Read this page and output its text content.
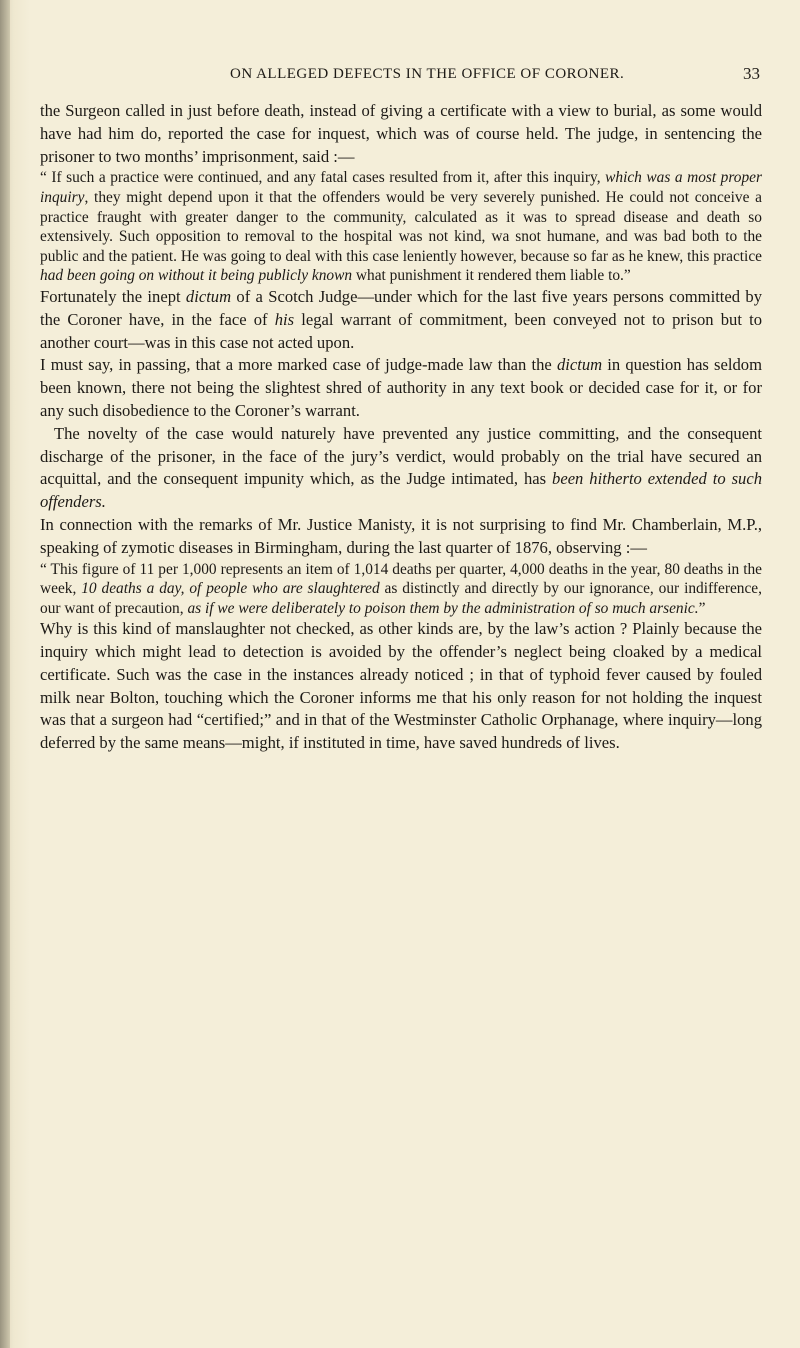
ON ALLEGED DEFECTS IN THE OFFICE OF CORONER.	33

the Surgeon called in just before death, instead of giving a certificate with a view to burial, as some would have had him do, reported the case for inquest, which was of course held. The judge, in sentencing the prisoner to two months’ imprisonment, said :—

“ If such a practice were continued, and any fatal cases resulted from it, after this inquiry, which was a most proper inquiry, they might depend upon it that the offenders would be very severely punished. He could not conceive a practice fraught with greater danger to the community, calculated as it was to spread disease and death so extensively. Such opposition to removal to the hospital was not kind, wa snot humane, and was bad both to the public and the patient. He was going to deal with this case leniently however, because so far as he knew, this practice had been going on without it being publicly known what punishment it rendered them liable to.”

Fortunately the inept dictum of a Scotch Judge—under which for the last five years persons committed by the Coroner have, in the face of his legal warrant of commitment, been conveyed not to prison but to another court—was in this case not acted upon.

I must say, in passing, that a more marked case of judge-made law than the dictum in question has seldom been known, there not being the slightest shred of authority in any text book or decided case for it, or for any such disobedience to the Coroner’s warrant.

The novelty of the case would naturely have prevented any justice committing, and the consequent discharge of the prisoner, in the face of the jury’s verdict, would probably on the trial have secured an acquittal, and the consequent impunity which, as the Judge intimated, has been hitherto extended to such offenders.

In connection with the remarks of Mr. Justice Manisty, it is not surprising to find Mr. Chamberlain, M.P., speaking of zymotic diseases in Birmingham, during the last quarter of 1876, observing :—

“ This figure of 11 per 1,000 represents an item of 1,014 deaths per quarter, 4,000 deaths in the year, 80 deaths in the week, 10 deaths a day, of people who are slaughtered as distinctly and directly by our ignorance, our indifference, our want of precaution, as if we were deliberately to poison them by the administration of so much arsenic.”

Why is this kind of manslaughter not checked, as other kinds are, by the law’s action ? Plainly because the inquiry which might lead to detection is avoided by the offender’s neglect being cloaked by a medical certificate. Such was the case in the instances already noticed ; in that of typhoid fever caused by fouled milk near Bolton, touching which the Coroner informs me that his only reason for not holding the inquest was that a surgeon had “certified;” and in that of the Westminster Catholic Orphanage, where inquiry—long deferred by the same means—might, if instituted in time, have saved hundreds of lives.
